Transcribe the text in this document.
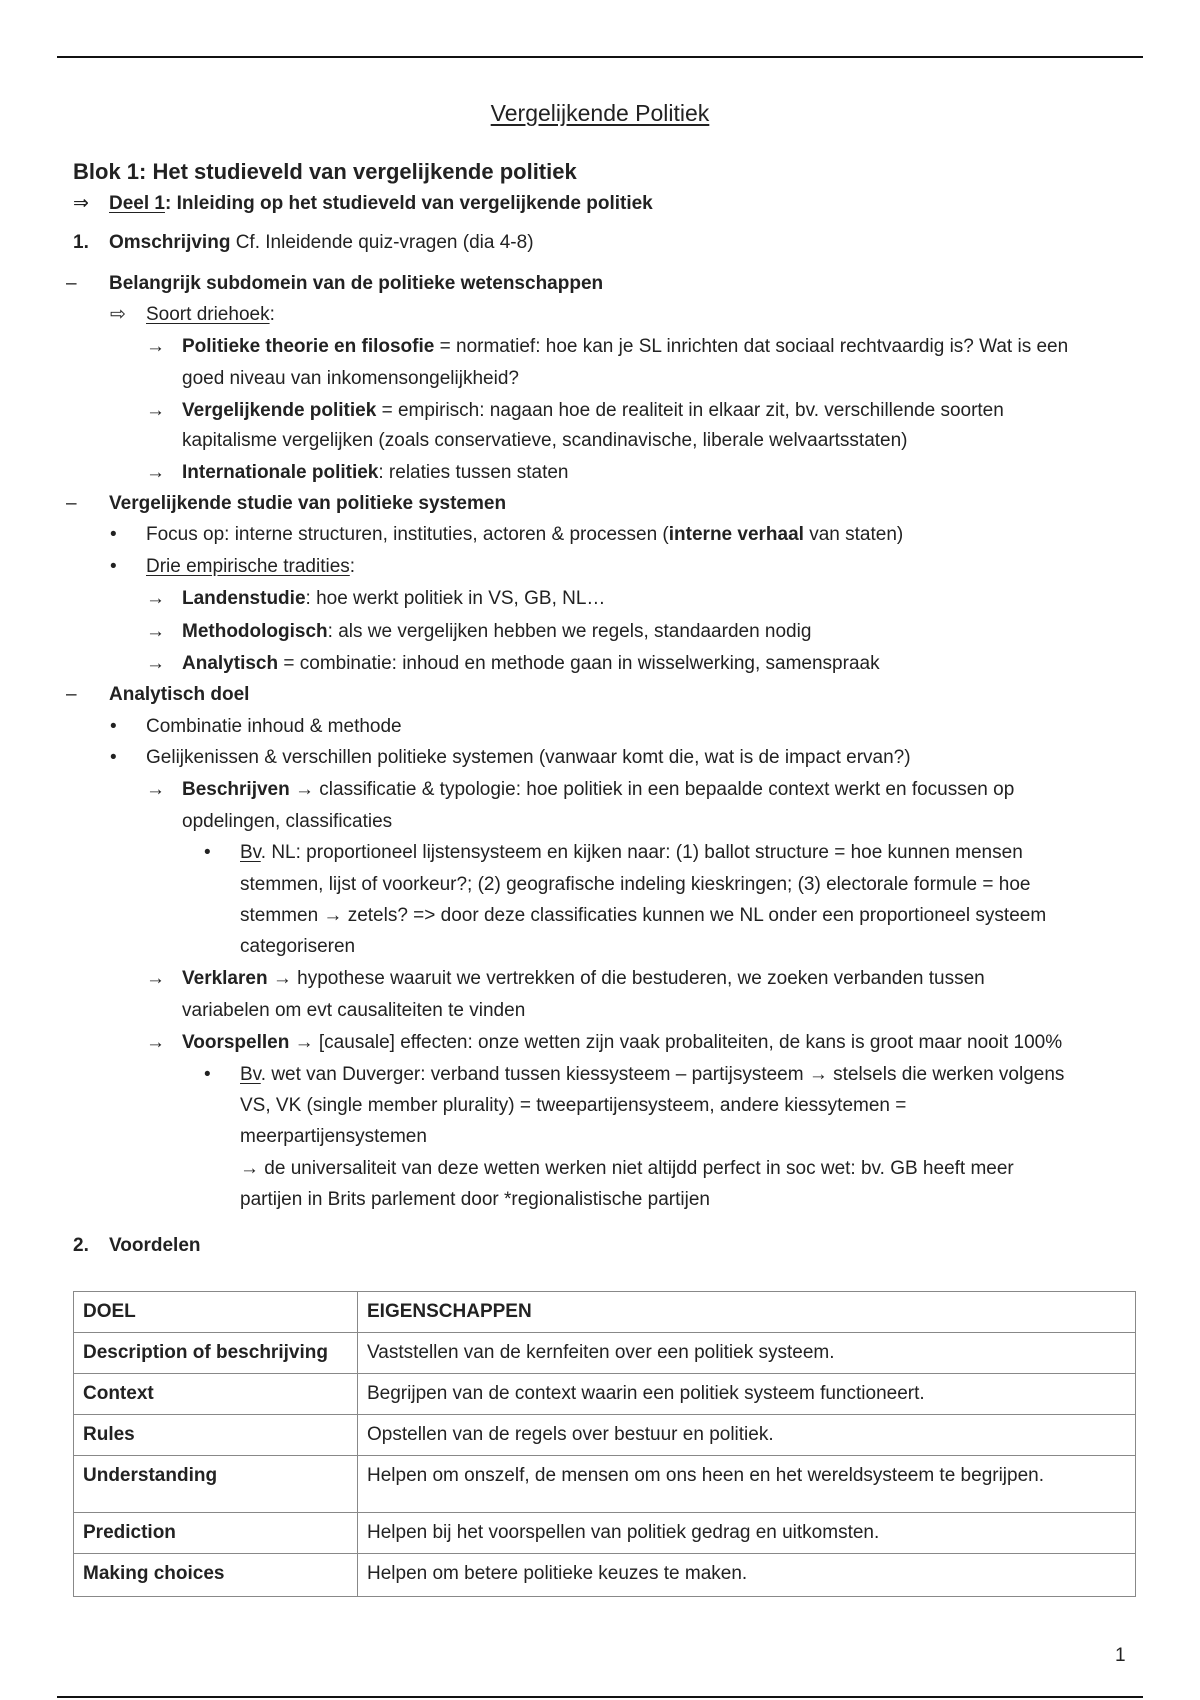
Vergelijkende Politiek
Blok 1: Het studieveld van vergelijkende politiek
⇒ Deel 1: Inleiding op het studieveld van vergelijkende politiek
1. Omschrijving Cf. Inleidende quiz-vragen (dia 4-8)
– Belangrijk subdomein van de politieke wetenschappen
⇨ Soort driehoek:
→ Politieke theorie en filosofie = normatief: hoe kan je SL inrichten dat sociaal rechtvaardig is? Wat is een
goed niveau van inkomensongelijkheid?
→ Vergelijkende politiek = empirisch: nagaan hoe de realiteit in elkaar zit, bv. verschillende soorten
kapitalisme vergelijken (zoals conservatieve, scandinavische, liberale welvaartsstaten)
→ Internationale politiek: relaties tussen staten
– Vergelijkende studie van politieke systemen
• Focus op: interne structuren, instituties, actoren & processen (interne verhaal van staten)
• Drie empirische tradities:
→ Landenstudie: hoe werkt politiek in VS, GB, NL…
→ Methodologisch: als we vergelijken hebben we regels, standaarden nodig
→ Analytisch = combinatie: inhoud en methode gaan in wisselwerking, samenspraak
– Analytisch doel
• Combinatie inhoud & methode
• Gelijkenissen & verschillen politieke systemen (vanwaar komt die, wat is de impact ervan?)
→ Beschrijven → classificatie & typologie: hoe politiek in een bepaalde context werkt en focussen op
opdelingen, classificaties
• Bv. NL: proportioneel lijstensysteem en kijken naar: (1) ballot structure = hoe kunnen mensen
stemmen, lijst of voorkeur?; (2) geografische indeling kieskringen; (3) electorale formule = hoe
stemmen → zetels? => door deze classificaties kunnen we NL onder een proportioneel systeem
categoriseren
→ Verklaren → hypothese waaruit we vertrekken of die bestuderen, we zoeken verbanden tussen
variabelen om evt causaliteiten te vinden
→ Voorspellen → [causale] effecten: onze wetten zijn vaak probaliteiten, de kans is groot maar nooit 100%
• Bv. wet van Duverger: verband tussen kiessysteem – partijsysteem → stelsels die werken volgens
VS, VK (single member plurality) = tweepartijensysteem, andere kiessytemen =
meerpartijensystemen
→ de universaliteit van deze wetten werken niet altijdd perfect in soc wet: bv. GB heeft meer
partijen in Brits parlement door *regionalistische partijen
2. Voordelen
DOEL	EIGENSCHAPPEN
Description of beschrijving	Vaststellen van de kernfeiten over een politiek systeem.
Context	Begrijpen van de context waarin een politiek systeem functioneert.
Rules	Opstellen van de regels over bestuur en politiek.
Understanding	Helpen om onszelf, de mensen om ons heen en het wereldsysteem te begrijpen.
Prediction	Helpen bij het voorspellen van politiek gedrag en uitkomsten.
Making choices	Helpen om betere politieke keuzes te maken.
1
